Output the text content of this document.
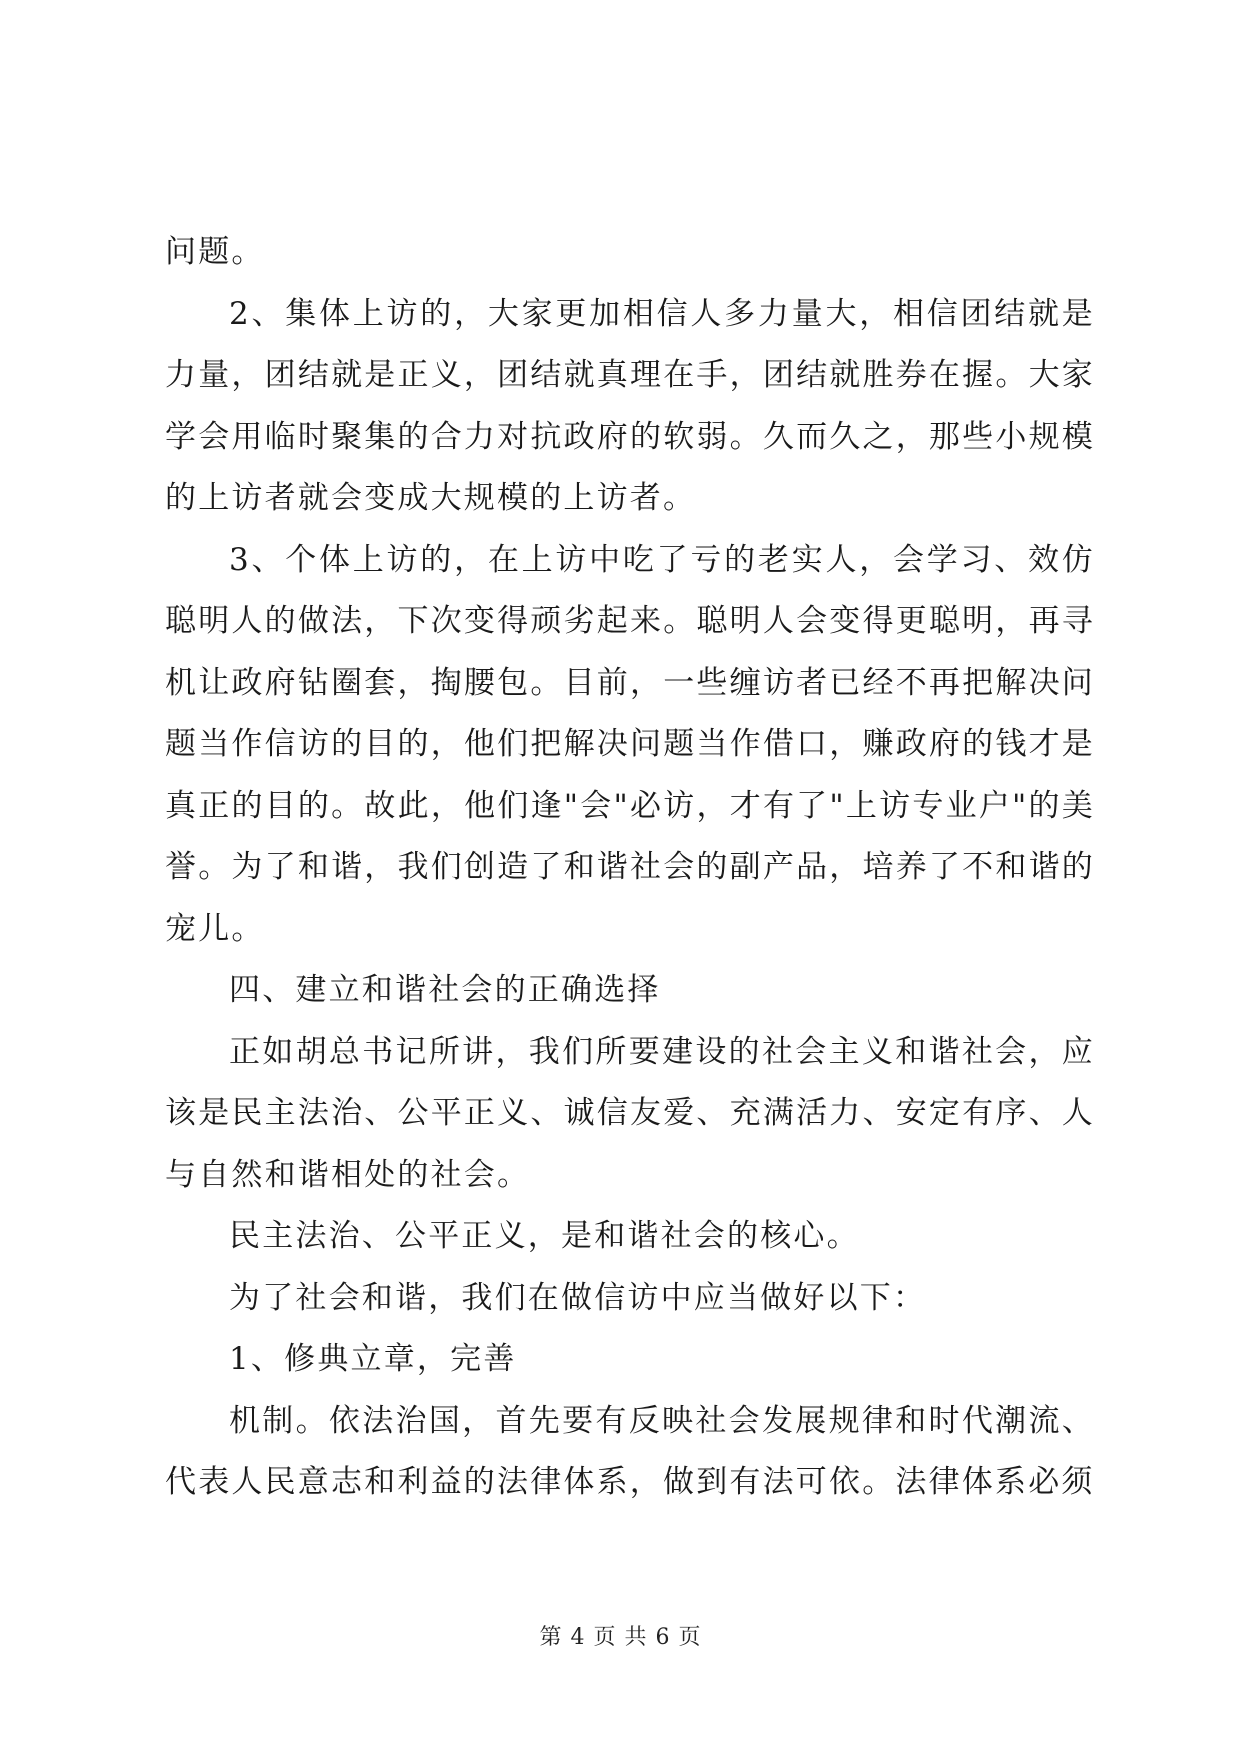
问题。

2、集体上访的，大家更加相信人多力量大，相信团结就是力量，团结就是正义，团结就真理在手，团结就胜券在握。大家学会用临时聚集的合力对抗政府的软弱。久而久之，那些小规模的上访者就会变成大规模的上访者。

3、个体上访的，在上访中吃了亏的老实人，会学习、效仿聪明人的做法，下次变得顽劣起来。聪明人会变得更聪明，再寻机让政府钻圈套，掏腰包。目前，一些缠访者已经不再把解决问题当作信访的目的，他们把解决问题当作借口，赚政府的钱才是真正的目的。故此，他们逢"会"必访，才有了"上访专业户"的美誉。为了和谐，我们创造了和谐社会的副产品，培养了不和谐的宠儿。

四、建立和谐社会的正确选择

正如胡总书记所讲，我们所要建设的社会主义和谐社会，应该是民主法治、公平正义、诚信友爱、充满活力、安定有序、人与自然和谐相处的社会。

民主法治、公平正义，是和谐社会的核心。

为了社会和谐，我们在做信访中应当做好以下：

1、修典立章，完善

机制。依法治国，首先要有反映社会发展规律和时代潮流、代表人民意志和利益的法律体系，做到有法可依。法律体系必须

第 4 页 共 6 页
